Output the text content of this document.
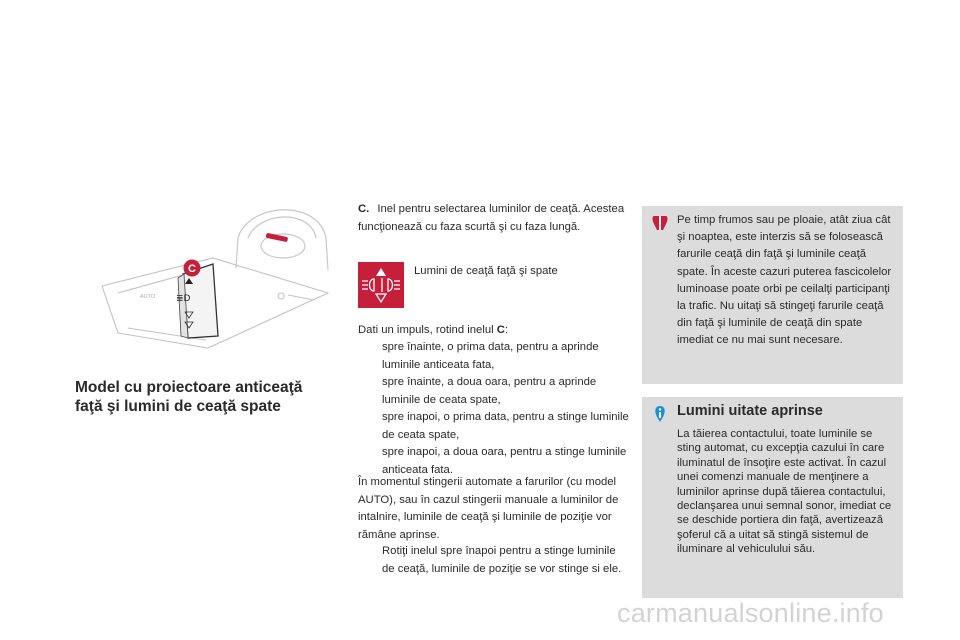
AUTO ≣D
C
Model cu proiectoare anticeaţă
faţă şi lumini de ceaţă spate
C. Inel pentru selectarea luminilor de ceaţă. Acestea funcţionează cu faza scurtă şi cu faza lungă.
Lumini de ceaţă faţă şi spate
Dati un impuls, rotind inelul C:
spre înainte, o prima data, pentru a aprinde luminile anticeata fata,
spre înainte, a doua oara, pentru a aprinde luminile de ceata spate,
spre inapoi, o prima data, pentru a stinge luminile de ceata spate,
spre inapoi, a doua oara, pentru a stinge luminile anticeata fata.
În momentul stingerii automate a farurilor (cu model AUTO), sau în cazul stingerii manuale a luminilor de intalnire, luminile de ceaţă şi luminile de poziţie vor rămâne aprinse.
Rotiţi inelul spre înapoi pentru a stinge luminile de ceaţă, luminile de poziţie se vor stinge si ele.
Pe timp frumos sau pe ploaie, atât ziua cât şi noaptea, este interzis să se folosească farurile ceaţă din faţă şi luminile ceaţă spate. În aceste cazuri puterea fascicolelor luminoase poate orbi pe ceilalţi participanţi la trafic. Nu uitaţi să stingeţi farurile ceaţă din faţă şi luminile de ceaţă din spate imediat ce nu mai sunt necesare.
Lumini uitate aprinse
La tăierea contactului, toate luminile se sting automat, cu excepţia cazului în care iluminatul de însoţire este activat. În cazul unei comenzi manuale de menţinere a luminilor aprinse după tăierea contactului, declanşarea unui semnal sonor, imediat ce se deschide portiera din faţă, avertizează şoferul că a uitat să stingă sistemul de iluminare al vehiculului său.
carmanualsonline.info
